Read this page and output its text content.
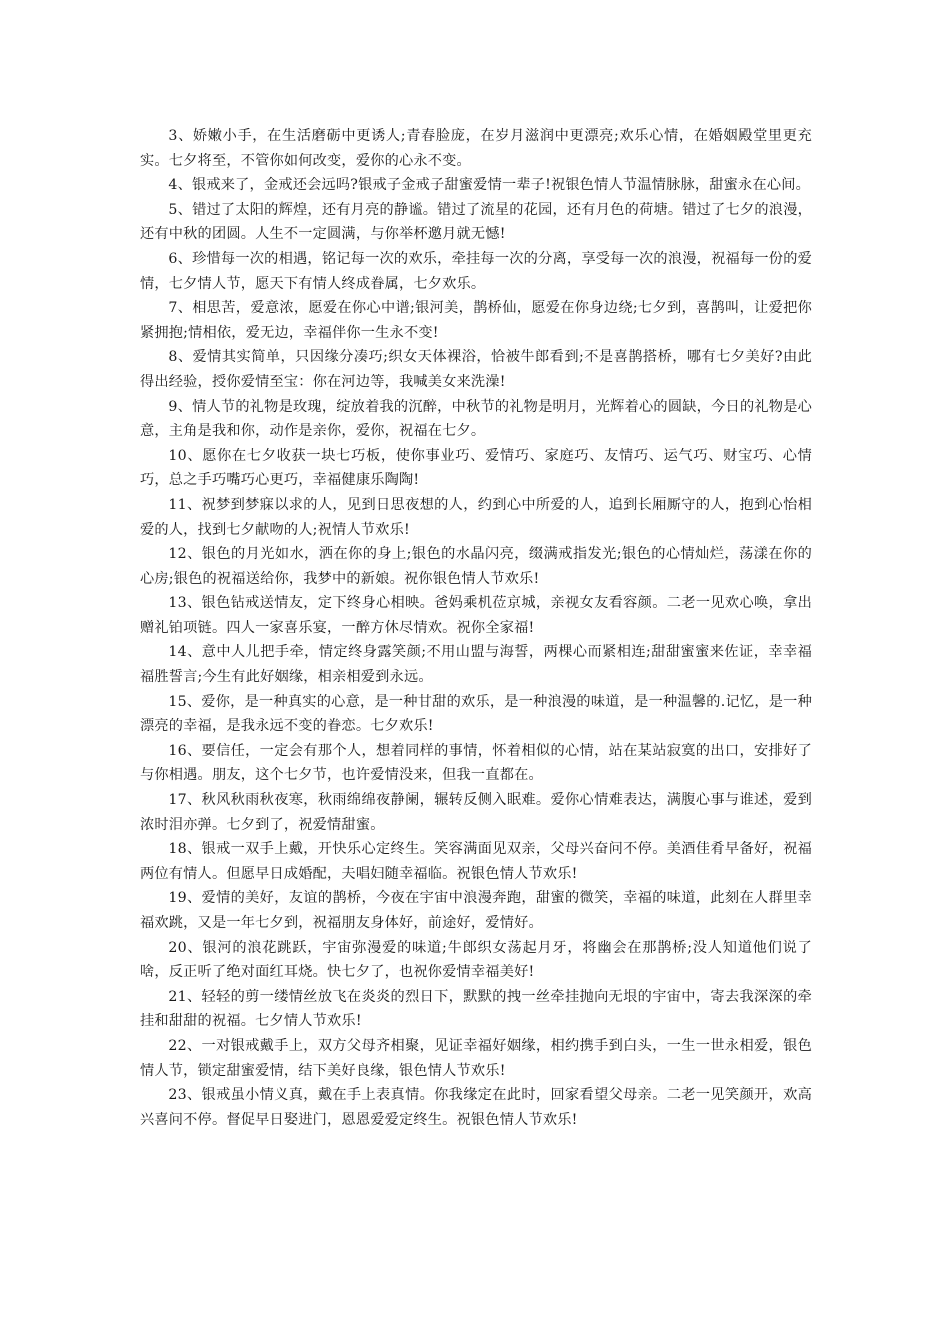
3、娇嫩小手，在生活磨砺中更诱人;青春脸庞，在岁月滋润中更漂亮;欢乐心情，在婚姻殿堂里更充实。七夕将至，不管你如何改变，爱你的心永不变。

4、银戒来了，金戒还会远吗?银戒子金戒子甜蜜爱情一辈子!祝银色情人节温情脉脉，甜蜜永在心间。

5、错过了太阳的辉煌，还有月亮的静谧。错过了流星的花园，还有月色的荷塘。错过了七夕的浪漫，还有中秋的团圆。人生不一定圆满，与你举杯邀月就无憾!

6、珍惜每一次的相遇，铭记每一次的欢乐，牵挂每一次的分离，享受每一次的浪漫，祝福每一份的爱情，七夕情人节，愿天下有情人终成眷属，七夕欢乐。

7、相思苦，爱意浓，愿爱在你心中谱;银河美，鹊桥仙，愿爱在你身边绕;七夕到，喜鹊叫，让爱把你紧拥抱;情相依，爱无边，幸福伴你一生永不变!

8、爱情其实简单，只因缘分凑巧;织女天体裸浴，恰被牛郎看到;不是喜鹊搭桥，哪有七夕美好?由此得出经验，授你爱情至宝：你在河边等，我喊美女来洗澡!

9、情人节的礼物是玫瑰，绽放着我的沉醉，中秋节的礼物是明月，光辉着心的圆缺，今日的礼物是心意，主角是我和你，动作是亲你，爱你，祝福在七夕。

10、愿你在七夕收获一块七巧板，使你事业巧、爱情巧、家庭巧、友情巧、运气巧、财宝巧、心情巧，总之手巧嘴巧心更巧，幸福健康乐陶陶!

11、祝梦到梦寐以求的人，见到日思夜想的人，约到心中所爱的人，追到长厢厮守的人，抱到心怡相爱的人，找到七夕献吻的人;祝情人节欢乐!

12、银色的月光如水，洒在你的身上;银色的水晶闪亮，缀满戒指发光;银色的心情灿烂，荡漾在你的心房;银色的祝福送给你，我梦中的新娘。祝你银色情人节欢乐!

13、银色钻戒送情友，定下终身心相映。爸妈乘机莅京城，亲视女友看容颜。二老一见欢心唤，拿出赠礼铂项链。四人一家喜乐宴，一醉方休尽情欢。祝你全家福!

14、意中人儿把手牵，情定终身露笑颜;不用山盟与海誓，两棵心而紧相连;甜甜蜜蜜来佐证，幸幸福福胜誓言;今生有此好姻缘，相亲相爱到永远。

15、爱你，是一种真实的心意，是一种甘甜的欢乐，是一种浪漫的味道，是一种温馨的.记忆，是一种漂亮的幸福，是我永远不变的眷恋。七夕欢乐!

16、要信任，一定会有那个人，想着同样的事情，怀着相似的心情，站在某站寂寞的出口，安排好了与你相遇。朋友，这个七夕节，也许爱情没来，但我一直都在。

17、秋风秋雨秋夜寒，秋雨绵绵夜静阑，辗转反侧入眠难。爱你心情难表达，满腹心事与谁述，爱到浓时泪亦弹。七夕到了，祝爱情甜蜜。

18、银戒一双手上戴，开快乐心定终生。笑容满面见双亲，父母兴奋问不停。美酒佳肴早备好，祝福两位有情人。但愿早日成婚配，夫唱妇随幸福临。祝银色情人节欢乐!

19、爱情的美好，友谊的鹊桥，今夜在宇宙中浪漫奔跑，甜蜜的微笑，幸福的味道，此刻在人群里幸福欢跳，又是一年七夕到，祝福朋友身体好，前途好，爱情好。

20、银河的浪花跳跃，宇宙弥漫爱的味道;牛郎织女荡起月牙，将幽会在那鹊桥;没人知道他们说了啥，反正听了绝对面红耳烧。快七夕了，也祝你爱情幸福美好!

21、轻轻的剪一缕情丝放飞在炎炎的烈日下，默默的拽一丝牵挂抛向无垠的宇宙中，寄去我深深的牵挂和甜甜的祝福。七夕情人节欢乐!

22、一对银戒戴手上，双方父母齐相聚，见证幸福好姻缘，相约携手到白头，一生一世永相爱，银色情人节，锁定甜蜜爱情，结下美好良缘，银色情人节欢乐!

23、银戒虽小情义真，戴在手上表真情。你我缘定在此时，回家看望父母亲。二老一见笑颜开，欢高兴喜问不停。督促早日娶进门，恩恩爱爱定终生。祝银色情人节欢乐!
